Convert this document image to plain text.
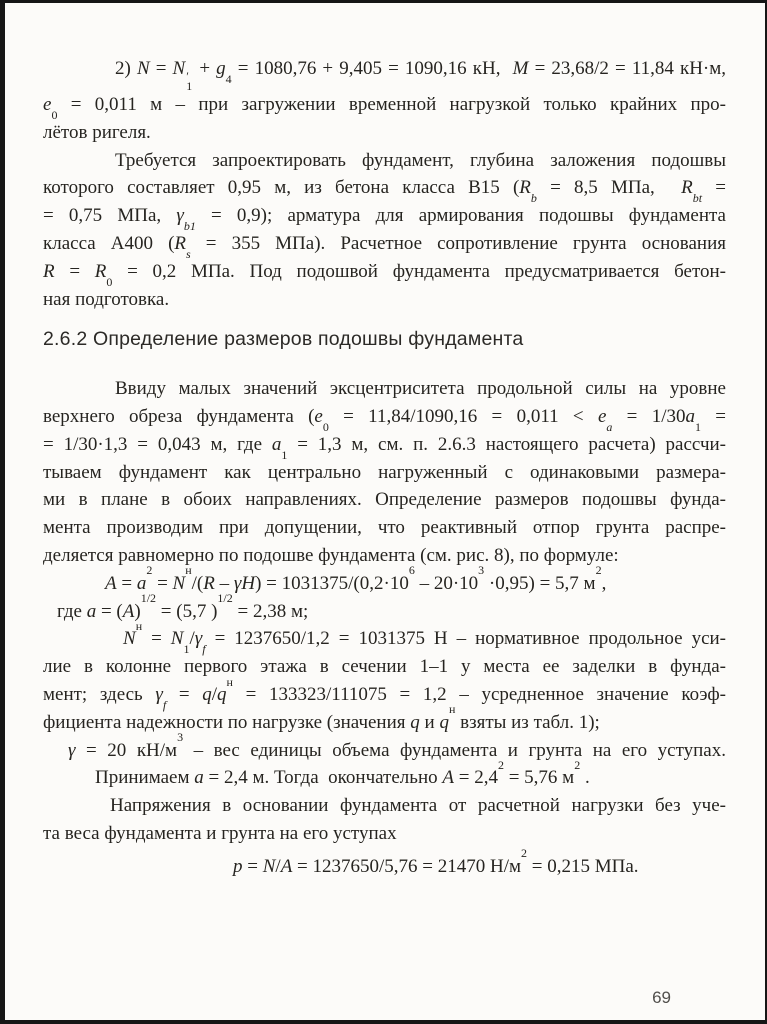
2) N = N ′
1
+ $g_4 = 1080,76 + 9,405 = 1090,16$ кН,  M = 23,68/2 = 11,84 кН·м,
$e_0 = 0,011$ м – при загружении временной нагрузкой только крайних про-
лётов ригеля.
Требуется запроектировать фундамент, глубина заложения подошвы
которого составляет 0,95 м, из бетона класса В15 ($R_b = 8,5$ МПа,  $R_{bt}$ =
= 0,75 МПа, $\gamma_{b1} = 0,9$); арматура для армирования подошвы фундамента
класса А400 ($R_s = 355$ МПа). Расчетное сопротивление грунта основания
$R = R_0 = 0,2$ МПа. Под подошвой фундамента предусматривается бетон-
ная подготовка.
2.6.2 Определение размеров подошвы фундамента
Ввиду малых значений эксцентриситета продольной силы на уровне
верхнего обреза фундамента ($e_0 = 11,84/1090,16 = 0,011 < e_a = 1/30a_1$ =
= 1/30·1,3 = 0,043 м, где $a_1 = 1,3$ м, см. п. 2.6.3 настоящего расчета) рассчи-
тываем фундамент как центрально нагруженный с одинаковыми размера-
ми в плане в обоих направлениях. Определение размеров подошвы фунда-
мента производим при допущении, что реактивный отпор грунта распре-
деляется равномерно по подошве фундамента (см. рис. 8), по формуле:
$A = a^2 = N^н/(R - \gamma H) = 1031375/(0,2\cdot 10^6 - 20\cdot 10^3 \cdot 0,95) = 5,7$ $м^2$,
где $a = (A)^{1/2} = (5,7$ )$^{1/2}$ = 2,38 м;
$N^н = N_1/\gamma_f = 1237650/1,2 = 1031375$ Н – нормативное продольное уси-
лие в колонне первого этажа в сечении 1–1 у места ее заделки в фунда-
мент; здесь $\gamma_f = q/q^н = 133323/111075 = 1,2$ – усредненное значение коэф-
фициента надежности по нагрузке (значения q и $q^н$ взяты из табл. 1);
γ = 20 $кН/м^3$ – вес единицы объема фундамента и грунта на его уступах.
Принимаем a = 2,4 м. Тогда  окончательно $A = 2,4^2 = 5,76$ $м^2$ .
Напряжения в основании фундамента от расчетной нагрузки без уче-
та веса фундамента и грунта на его уступах
p = N/A = 1237650/5,76 = 21470 $Н/м^2 = 0,215$ МПа.
69
